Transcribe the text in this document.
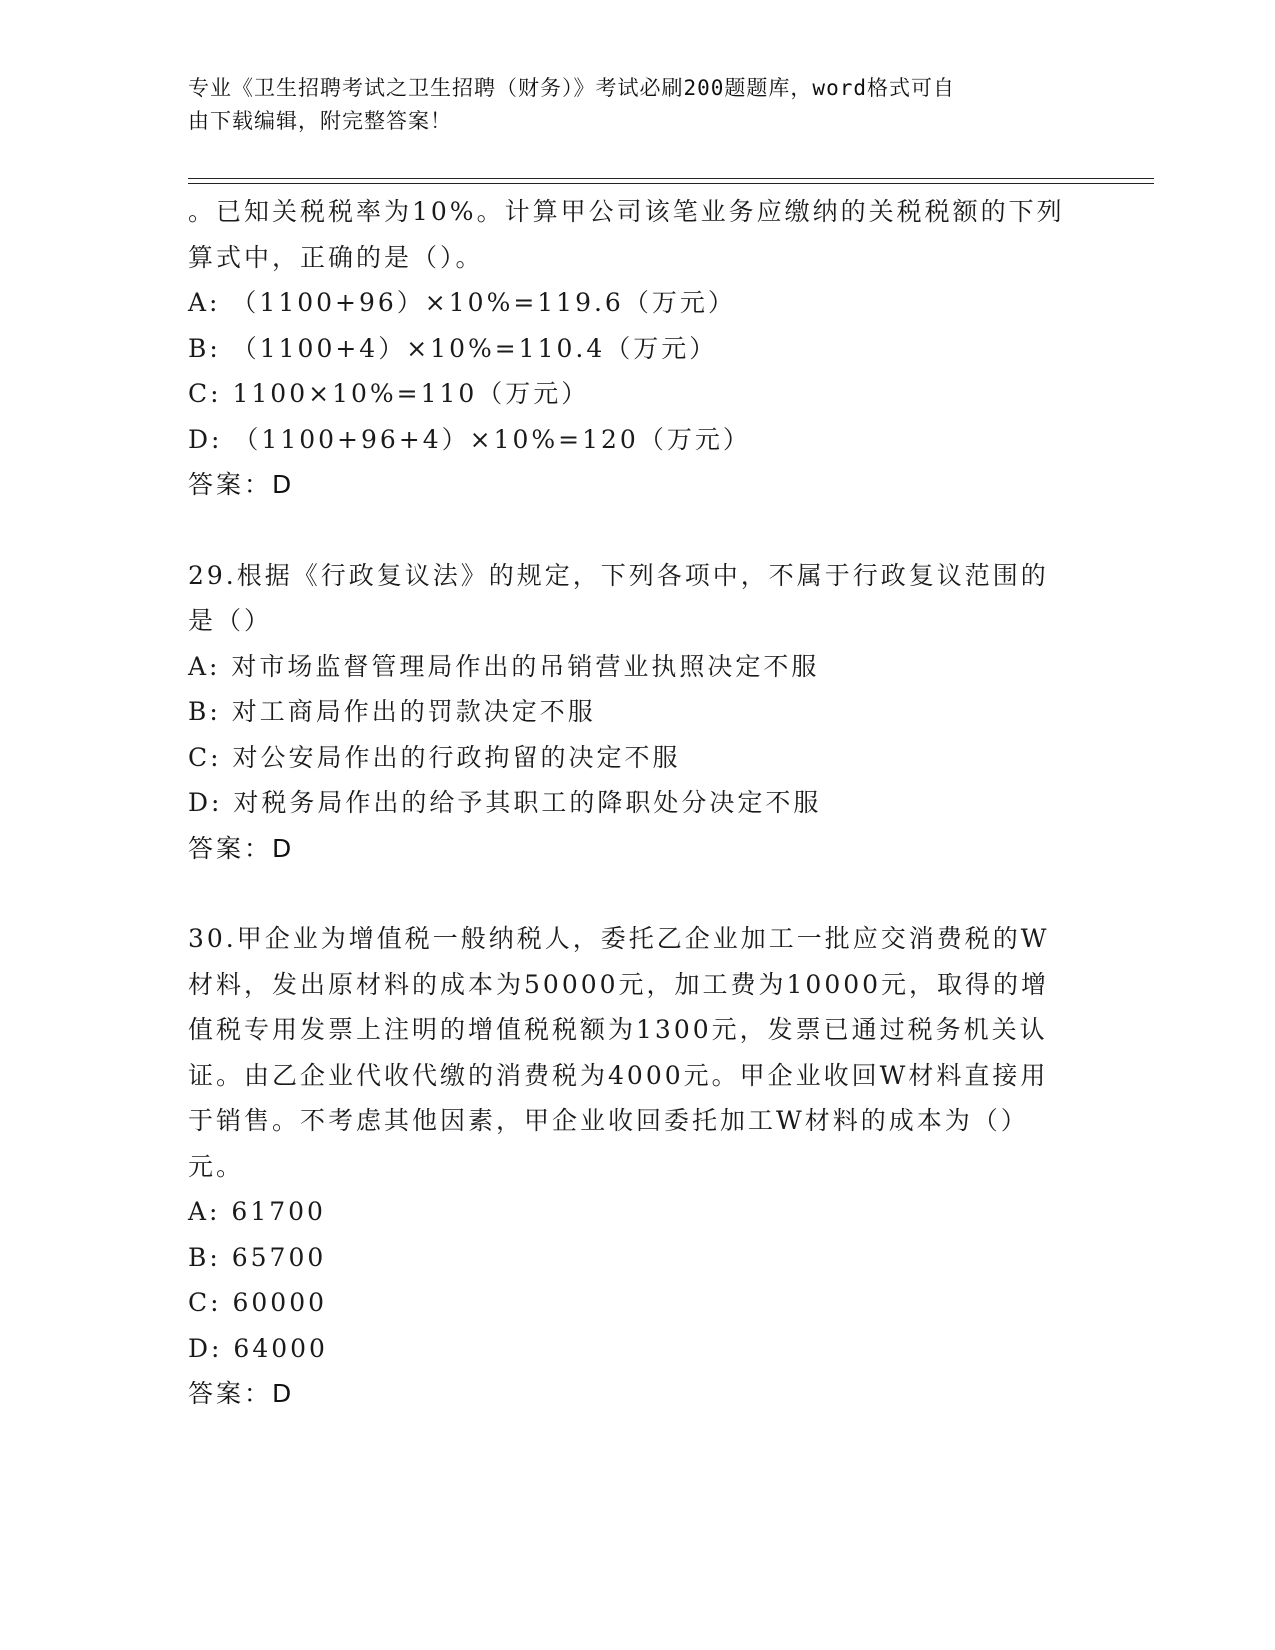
专业《卫生招聘考试之卫生招聘（财务）》考试必刷200题题库，word格式可自
由下载编辑，附完整答案！
。已知关税税率为10%。计算甲公司该笔业务应缴纳的关税税额的下列
算式中，正确的是（）。
A: （1100+96）×10%=119.6（万元）
B: （1100+4）×10%=110.4（万元）
C: 1100×10%=110（万元）
D: （1100+96+4）×10%=120（万元）
答案：D
29.根据《行政复议法》的规定，下列各项中，不属于行政复议范围的
是（）
A: 对市场监督管理局作出的吊销营业执照决定不服
B: 对工商局作出的罚款决定不服
C: 对公安局作出的行政拘留的决定不服
D: 对税务局作出的给予其职工的降职处分决定不服
答案：D
30.甲企业为增值税一般纳税人，委托乙企业加工一批应交消费税的W
材料，发出原材料的成本为50000元，加工费为10000元，取得的增
值税专用发票上注明的增值税税额为1300元，发票已通过税务机关认
证。由乙企业代收代缴的消费税为4000元。甲企业收回W材料直接用
于销售。不考虑其他因素，甲企业收回委托加工W材料的成本为（）
元。
A: 61700
B: 65700
C: 60000
D: 64000
答案：D
